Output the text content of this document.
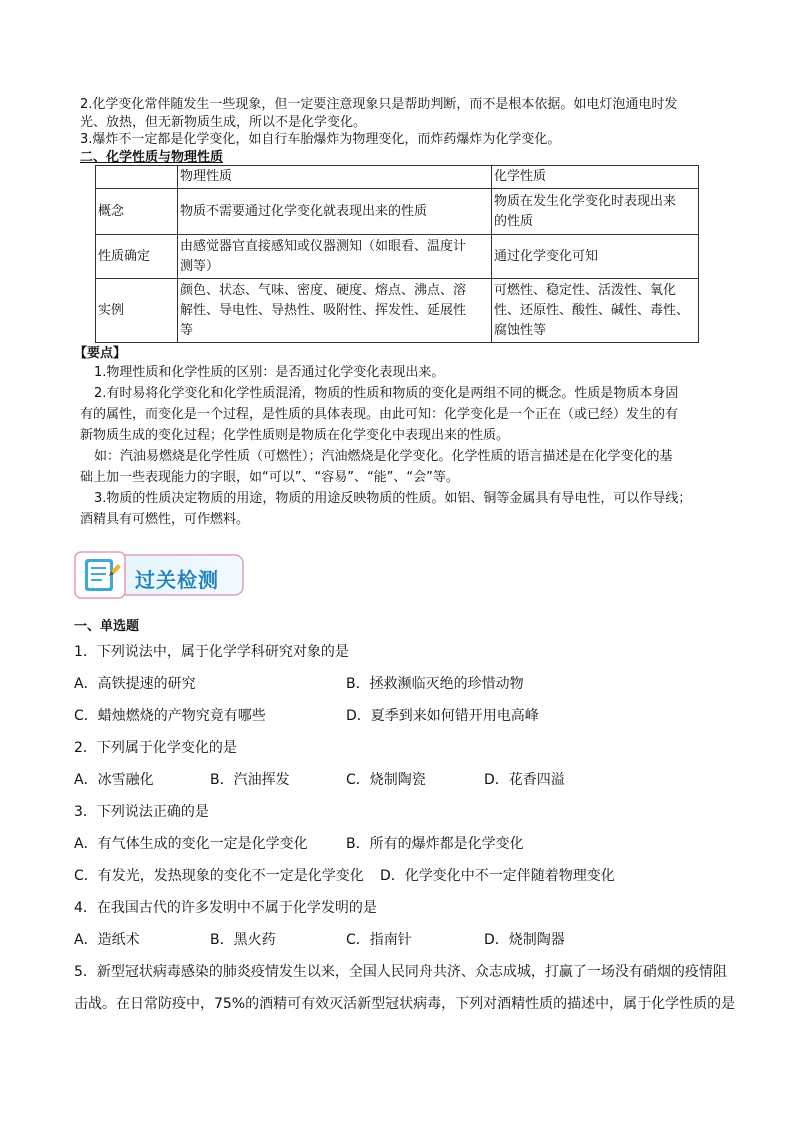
2.化学变化常伴随发生一些现象，但一定要注意现象只是帮助判断，而不是根本依据。如电灯泡通电时发
光、放热，但无新物质生成，所以不是化学变化。
3.爆炸不一定都是化学变化，如自行车胎爆炸为物理变化，而炸药爆炸为化学变化。
二、化学性质与物理性质
	物理性质	化学性质
概念	物质不需要通过化学变化就表现出来的性质	物质在发生化学变化时表现出来
的性质
性质确定	由感觉器官直接感知或仪器测知（如眼看、温度计
测等）	通过化学变化可知
实例	颜色、状态、气味、密度、硬度、熔点、沸点、溶
解性、导电性、导热性、吸附性、挥发性、延展性
等	可燃性、稳定性、活泼性、氧化
性、还原性、酸性、碱性、毒性、
腐蚀性等
【要点】
1.物理性质和化学性质的区别：是否通过化学变化表现出来。
2.有时易将化学变化和化学性质混淆，物质的性质和物质的变化是两组不同的概念。性质是物质本身固
有的属性，而变化是一个过程，是性质的具体表现。由此可知：化学变化是一个正在（或已经）发生的有
新物质生成的变化过程；化学性质则是物质在化学变化中表现出来的性质。
如：汽油易燃烧是化学性质（可燃性）；汽油燃烧是化学变化。化学性质的语言描述是在化学变化的基
础上加一些表现能力的字眼，如“可以”、“容易”、“能”、“会”等。
3.物质的性质决定物质的用途，物质的用途反映物质的性质。如铝、铜等金属具有导电性，可以作导线；
酒精具有可燃性，可作燃料。
过关检测
一、单选题
1．下列说法中，属于化学学科研究对象的是
A．高铁提速的研究	B．拯救濒临灭绝的珍惜动物
C．蜡烛燃烧的产物究竟有哪些	D．夏季到来如何错开用电高峰
2．下列属于化学变化的是
A．冰雪融化	B．汽油挥发	C．烧制陶瓷	D．花香四溢
3．下列说法正确的是
A．有气体生成的变化一定是化学变化	B．所有的爆炸都是化学变化
C．有发光，发热现象的变化不一定是化学变化 D．化学变化中不一定伴随着物理变化
4．在我国古代的许多发明中不属于化学发明的是
A．造纸术	B．黑火药	C．指南针	D．烧制陶器
5．新型冠状病毒感染的肺炎疫情发生以来，全国人民同舟共济、众志成城，打赢了一场没有硝烟的疫情阻
击战。在日常防疫中，75%的酒精可有效灭活新型冠状病毒，下列对酒精性质的描述中，属于化学性质的是
